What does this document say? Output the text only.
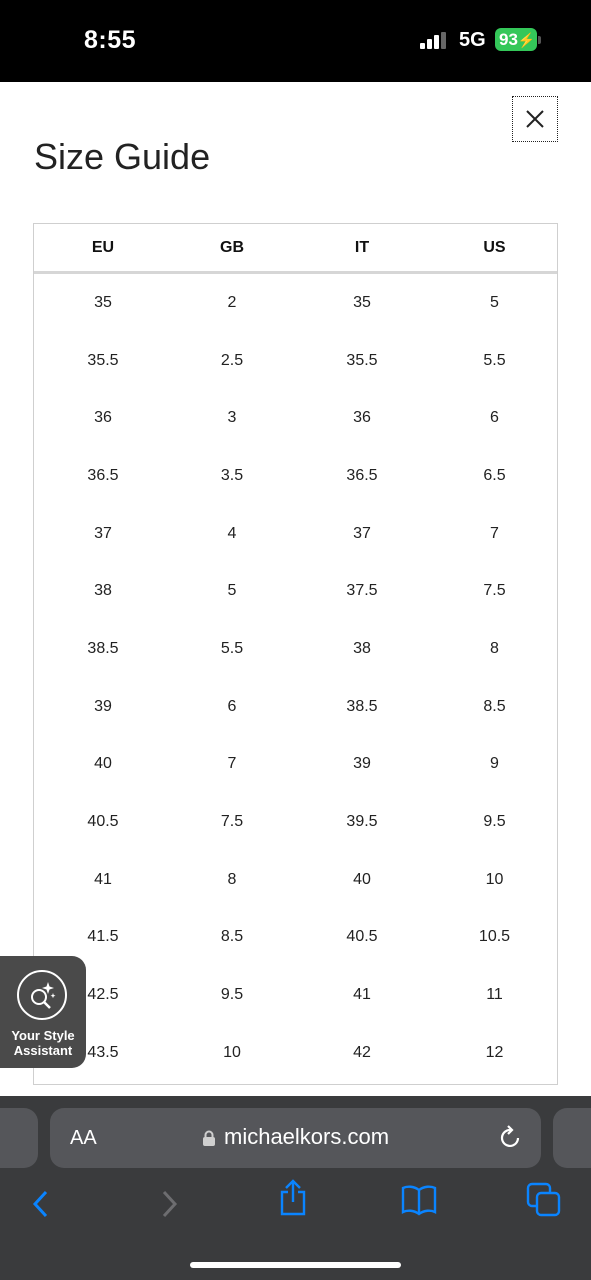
8:55	5G 93⚡
Size Guide
EU	GB	IT	US
35	2	35	5
35.5	2.5	35.5	5.5
36	3	36	6
36.5	3.5	36.5	6.5
37	4	37	7
38	5	37.5	7.5
38.5	5.5	38	8
39	6	38.5	8.5
40	7	39	9
40.5	7.5	39.5	9.5
41	8	40	10
41.5	8.5	40.5	10.5
42.5	9.5	41	11
43.5	10	42	12
Your Style
Assistant
AA	michaelkors.com
